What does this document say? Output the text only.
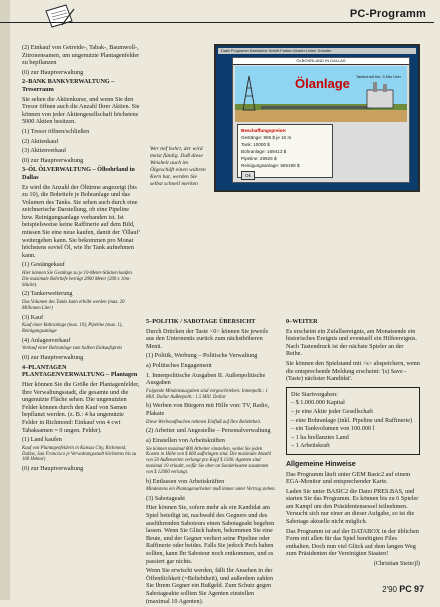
PC-Programm

(2) Einkauf von Getreide-, Tabak-, Baumwoll-, Zitronensamen, um ungenutzte Plantagenfelder zu bepflanzen

(0) zur Hauptverwaltung

2–BANK BANKVERWALTUNG – Tresorraum

Sie sehen die Aktienkurse, und wenn Sie den Tresor öffnen auch die Anzahl Ihrer Aktien. Sie können von jeder Aktiengesellschaft höchstens 5000 Aktien besitzen.

(1) Tresor öffnen/schließen

(2) Aktienkauf

(3) Aktienverkauf

(0) zur Hauptverwaltung

3–ÖL ÖLVERWALTUNG – Ölbohrland in Dallas

Es wird die Anzahl der Öltürme angezeigt (bis zu 10), die Bohrtiefe je Bohranlage und das Volumen des Tanks. Sie sehen auch durch eine zeichnerische Darstellung, ob eine Pipeline bzw. Reinigungsanlage vorhanden ist. Ist beispielsweise keine Raffinerie auf dem Bild, müssen Sie eine neue kaufen, damit der 'Öllauf' weitergehen kann. Sie bekommen pro Monat höchstens soviel Öl, wie Ihr Tank aufnehmen kann.

(1) Gestängekauf

Hier können Sie Gestänge zu je 10-Meter-Stücken kaufen. Die maximale Bohrtiefe beträgt 2000 Meter (200 x 10m-Stücke).

(2) Tankerweiterung

Das Volumen des Tanks kann erhöht werden (max. 20 Millionen Liter)

(3) Kauf

Kauf einer Bohranlage (max. 10), Pipeline (max. 1), Reinigungsanlage

(4) Anlagenverkauf

Verkauf einer Bohranlage zum halben Einkaufspreis

(0) zur Hauptverwaltung

4–PLANTAGEN PLANTAGENVERWALTUNG – Plantagen

Hier können Sie die Größe der Plantagenfelder, Ihre Verwaltungsstadt, die gesamte und die ungenutzte Fläche sehen. Die ungenutzten Felder können durch den Kauf von Samen bepflanzt werden. (z. B.: 4 ha ungenutzte Felder in Richmond: Einkauf von 4 cwt Tabaksamen = 0 ungen. Felder).

(1) Land kaufen

Kauf von Plantagenfeldern in Kansas City, Richmond, Dallas, San Francisco je Verwaltungsstadt höchstens bis zu 100 Hektar)

(0) zur Hauptverwaltung

Datei Programm Edelsteine Schrift Farben Muster Linien Transfer
ÖLBOHRLAND IN DALLAS
Ölanlage Tankinhalt bis: 3 Mio Liter
Beschaffungspreise:
Gestänge: 995 $ je 10 m
Tank: 10000 $
Bohranlage: 169413 $
Pipeline: 29926 $
Reinigungsanlage: 585198 $
Ok
Wer tief bohrt, der wird meist fündig. Daß diese Weisheit auch im Ölgeschäft einen wahren Kern hat, werden Sie selbst schnell merken

5–POLITIK / SABOTAGE ÜBERSICHT

Durch Drücken der Taste <0> können Sie jeweils aus den Unternenüs zurück zum nächsthöheren Menü.

(1) Politik, Werbung – Politische Verwaltung

a) Politisches Engagement

1. Innenpolitische Ausgaben II. Außenpolitische Ausgaben

Folgende Mindestausgaben sind vorgeschrieben: Innenpolit.: 1 Mill. Dollar Außenpolit.: 1.5 Mill. Dollar

b) Werben von Bürgern mit Hilfe von: TV, Radio, Plakate

Diese Werbeaufbuchen nehmen Einfluß auf Ihre Beliebtheit.

(2) Arbeiter und Angestellte – Personalverwaltung

a) Einstellen von Arbeitskräften

Sie können maximal 800 Arbeiter einstellen, wobei Sie jeden Kosten in Höhe von $ 660 aufbringen sind. Die maximale Anzahl von 50 Außenseiten verlangt pro Kopf $ 1500. Agenten sind maximal 10 erlaubt, wofür Sie aber an Sonderkosten zusammen von $ 12000 verlangt.

b) Entlassen von Arbeitskräften

Mindestens ein Plantagenarbeiter muß immer unter Vertrag stehen.

(3) Sabotageakt

Hier können Sie, sofern mehr als ein Kandidat am Spiel beteiligt ist, nachwahl des Gegners und des ausführenden Saboteurs einen Sabotageakt begehen lassen. Wenn Sie Glück haben, bekommen Sie eine Beute, und der Gegner verliert seine Pipeline oder Raffinerie oder beides. Falls Sie jedoch Pech haben sollten, kann Ihr Saboteur noch entkommen, und es passiert gar nichts.

Wenn Sie erwischt werden, fällt Ihr Ansehen in der Öffentlichkeit (=Beliebtheit), und außerdem zahlen Sie Ihrem Gegner ein Bußgeld. Zum Schutz gegen Sabotageakte sollten Sie Agenten einstellen (maximal 10 Agenten).

0–WEITER

Es erscheint ein Zufallsereignis, am Monatsende ein historisches Ereignis und eventuell ein Hilfeereignis. Nach Tastendruck ist der nächste Spieler an der Reihe.

Sie können den Spielstand mit <s> abspeichern, wenn die entsprechende Meldung erscheint: '(s) Save -(Taste) nächster Kandidat'.

Die Startvorgaben:

– $ 1.000.000 Kapital

– je eine Aktie jeder Gesellschaft

– eine Bohranlage (inkl. Pipeline und Raffinerie)

– ein Tankvolumen von 100.000 l

– 1 ha brellanztes Land

– 1 Arbeitskraft

Allgemeine Hinweise

Das Programm läuft unter GEM Basic2 auf einem EGA-Monitor und entsprechender Karte.

Laden Sie unter BASIC2 die Datei PRES.BAS, und starten Sie das Programm. Es können bis zu 6 Spieler am Kampf um den Präsidentensessel teilnehmen. Versucht sich nur einer an dieser Aufgabe, so ist die Sabotage aktuelle nicht möglich.

Das Programm ist auf der DATABOX in der üblichen Form mit allen für das Spiel benötigten Files enthalten. Doch nun viel Glück auf dem langen Weg zum Präsidenten der Vereinigten Staaten!

(Christian Stein/jl)

2'90 PC 97
